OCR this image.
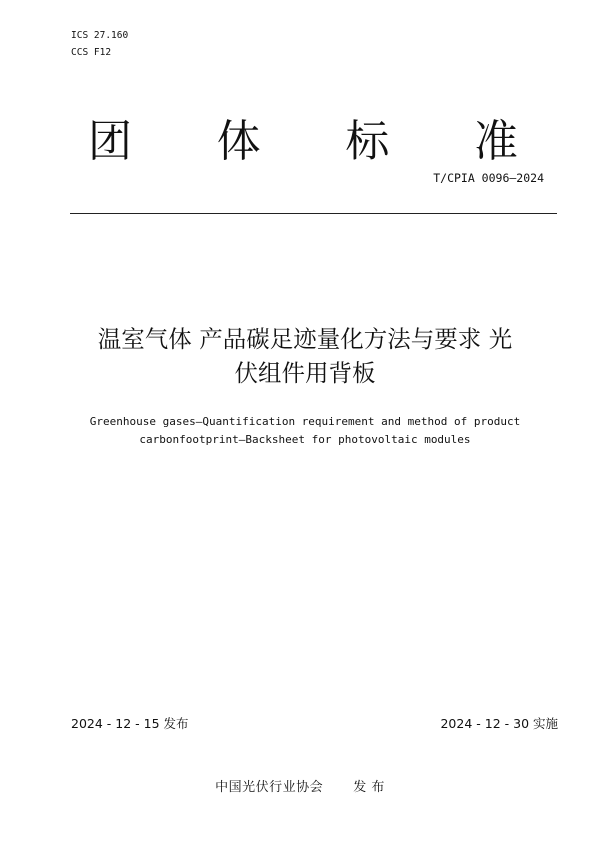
ICS 27.160
CCS F12
团 体 标 准
T/CPIA 0096—2024
温室气体 产品碳足迹量化方法与要求 光
伏组件用背板
Greenhouse gases—Quantification requirement and method of product
carbonfootprint—Backsheet for photovoltaic modules
2024 - 12 - 15 发布	2024 - 12 - 30 实施
中国光伏行业协会 发 布
